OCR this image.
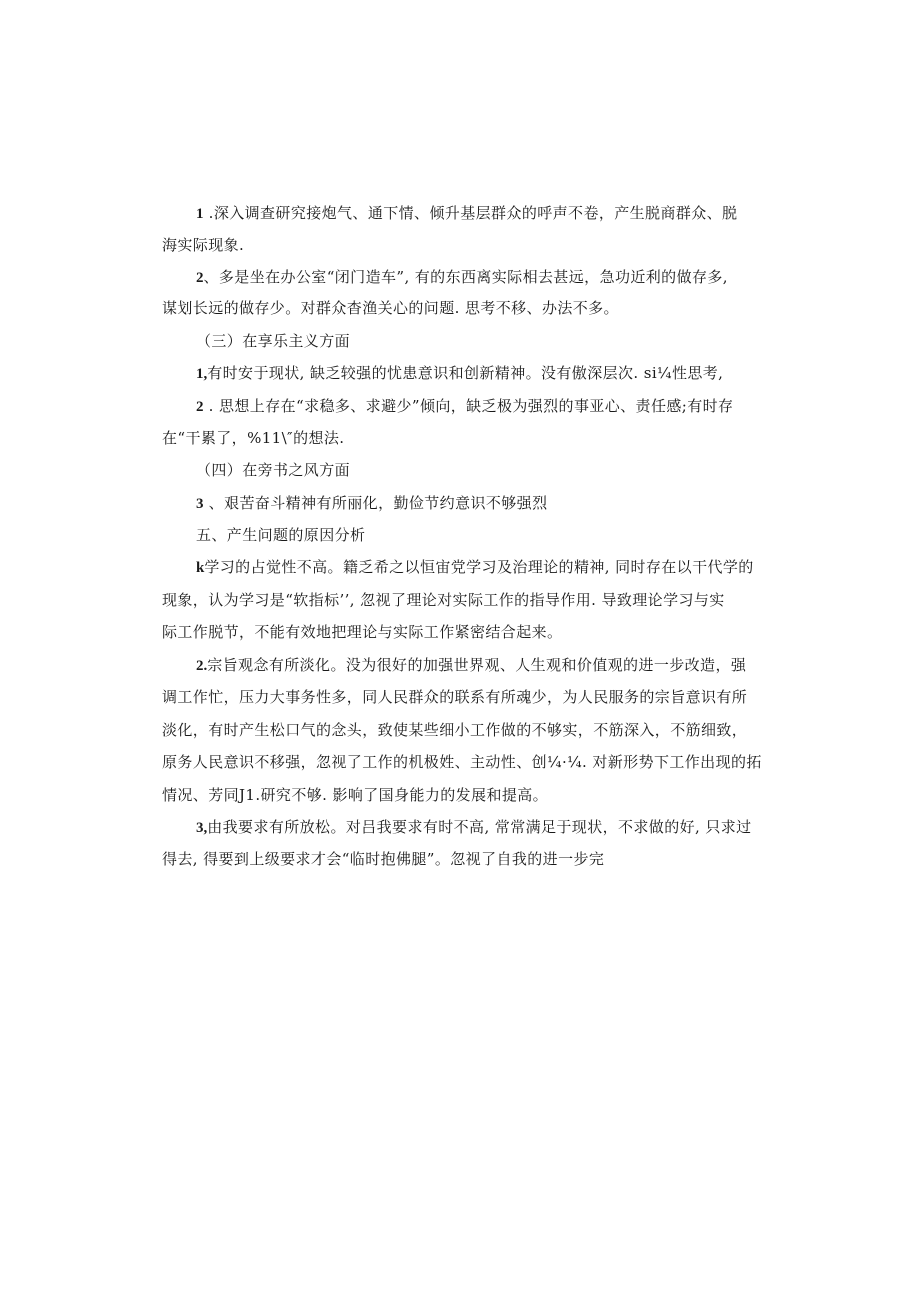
1 .深入调查研究接炮气、通下情、倾升基层群众的呼声不卷，产生脱商群众、脱
海实际现象.
2、多是坐在办公室“闭门造车”, 有的东西离实际相去甚远，急功近利的做存多,
谋划长远的做存少。对群众杳渔关心的问题. 思考不移、办法不多。
（三）在享乐主义方面
1,有时安于现状, 缺乏较强的忧患意识和创新精神。没有傲深层次. si¼性思考,
2 . 思想上存在“求稳多、求避少”倾向，缺乏极为强烈的事亚心、责任感;有时存
在“干累了，%11\″的想法.
（四）在旁书之风方面
3 、艰苦奋斗精神有所丽化，勤俭节约意识不够强烈
五、产生问题的原因分析
k学习的占觉性不高。籍乏希之以恒宙党学习及治理论的精神, 同时存在以干代学的
现象，认为学习是“软指标’’, 忽视了理论对实际工作的指导作用. 导致理论学习与实
际工作脱节，不能有效地把理论与实际工作紧密结合起来。
2.宗旨观念有所淡化。没为很好的加强世界观、人生观和价值观的进一步改造，强
调工作忙，压力大事务性多，同人民群众的联系有所魂少，为人民服务的宗旨意识有所
淡化，有时产生松口气的念头，致使某些细小工作做的不够实，不筋深入，不筋细致，
原务人民意识不移强，忽视了工作的机极姓、主动性、创¼·¼. 对新形势下工作出现的拓
情况、芳同J1.研究不够. 影响了国身能力的发展和提高。
3,由我要求有所放松。对吕我要求有时不高, 常常满足于现状，不求做的好, 只求过
得去, 得要到上级要求才会“临时抱佛腿”。忽视了自我的进一步完
